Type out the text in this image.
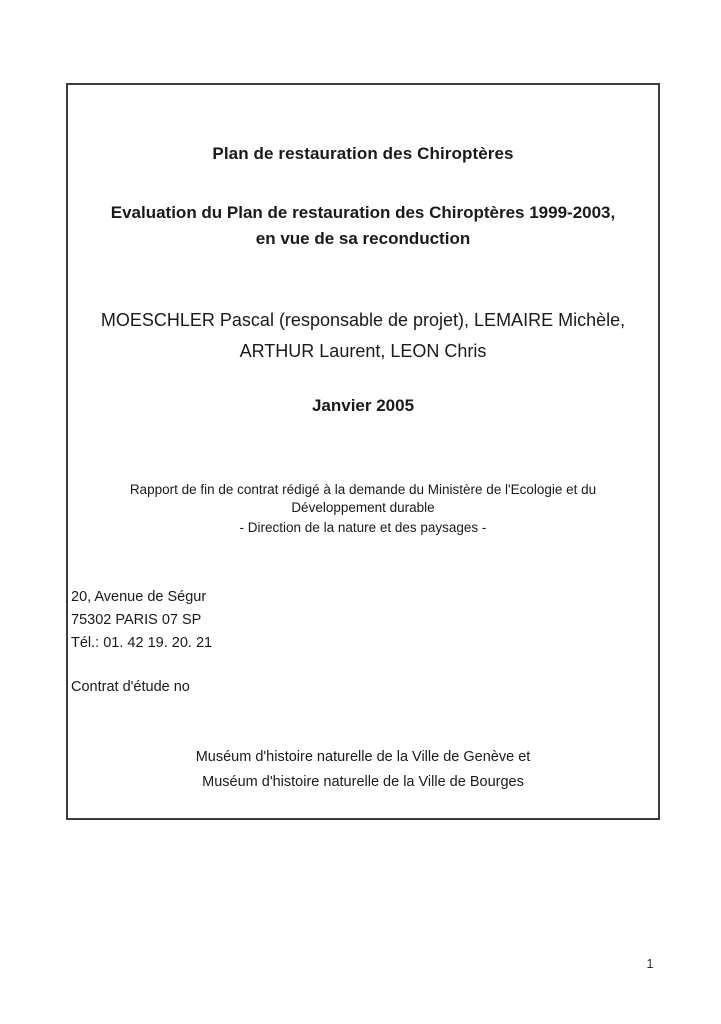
Plan de restauration des Chiroptères
Evaluation du Plan de restauration des Chiroptères 1999-2003,
en vue de sa reconduction
MOESCHLER Pascal (responsable de projet), LEMAIRE Michèle,
ARTHUR Laurent, LEON Chris
Janvier 2005
Rapport de fin de contrat rédigé à la demande du Ministère de l'Ecologie et du
Développement durable
- Direction de la nature et des paysages -
20, Avenue de Ségur
75302 PARIS 07 SP
Tél.: 01. 42 19. 20. 21
Contrat d'étude no
Muséum d'histoire naturelle de la Ville de Genève et
Muséum d'histoire naturelle de la Ville de Bourges
1
